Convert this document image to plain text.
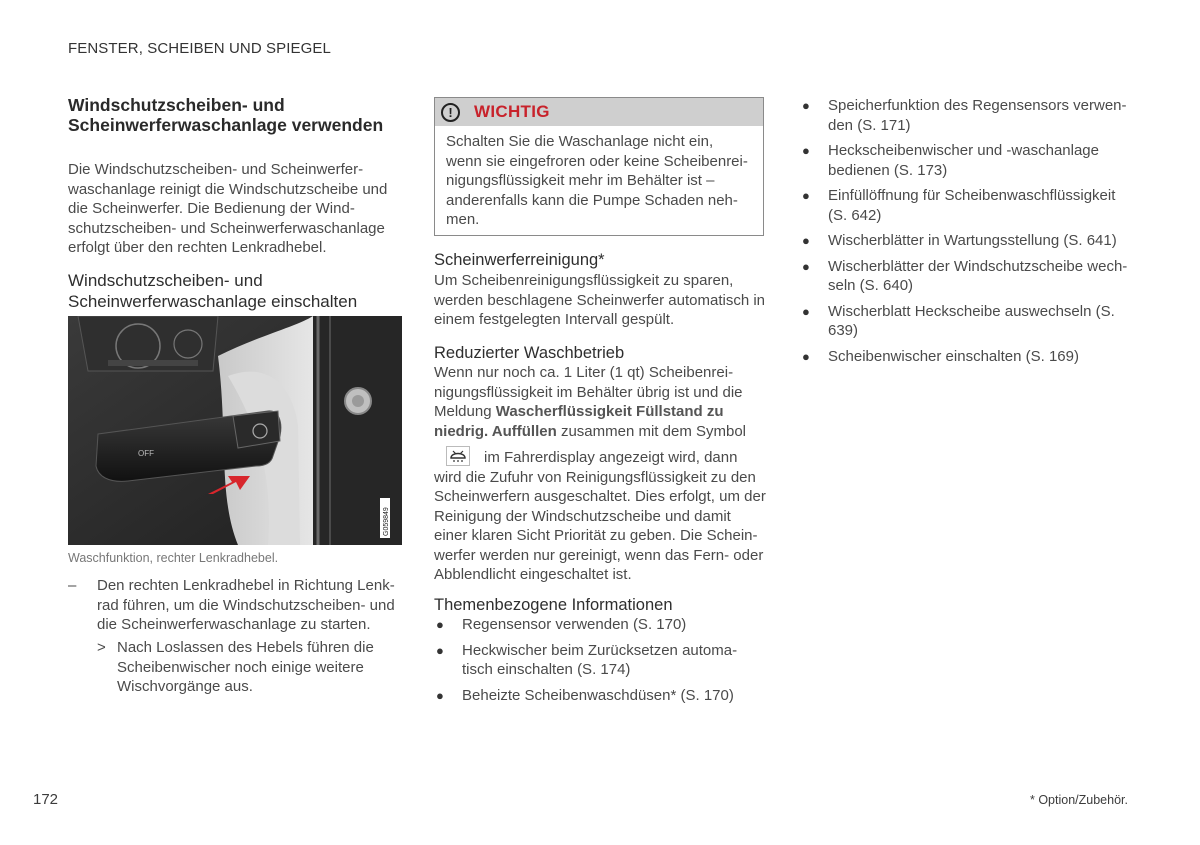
FENSTER, SCHEIBEN UND SPIEGEL
Windschutzscheiben- und Scheinwerferwaschanlage verwenden
Die Windschutzscheiben- und Scheinwerferwaschanlage reinigt die Windschutzscheibe und die Scheinwerfer. Die Bedienung der Windschutzscheiben- und Scheinwerferwaschanlage erfolgt über den rechten Lenkradhebel.
Windschutzscheiben- und Scheinwerferwaschanlage einschalten
OFF
G059849
Waschfunktion, rechter Lenkradhebel.
– Den rechten Lenkradhebel in Richtung Lenkrad führen, um die Windschutzscheiben- und die Scheinwerferwaschanlage zu starten.
> Nach Loslassen des Hebels führen die Scheibenwischer noch einige weitere Wischvorgänge aus.
!	WICHTIG
Schalten Sie die Waschanlage nicht ein, wenn sie eingefroren oder keine Scheibenreinigungsflüssigkeit mehr im Behälter ist – anderenfalls kann die Pumpe Schaden nehmen.
Scheinwerferreinigung*
Um Scheibenreinigungsflüssigkeit zu sparen, werden beschlagene Scheinwerfer automatisch in einem festgelegten Intervall gespült.
Reduzierter Waschbetrieb
Wenn nur noch ca. 1 Liter (1 qt) Scheibenreinigungsflüssigkeit im Behälter übrig ist und die Meldung Wascherflüssigkeit Füllstand zu niedrig. Auffüllen zusammen mit dem Symbol
im Fahrerdisplay angezeigt wird, dann wird die Zufuhr von Reinigungsflüssigkeit zu den Scheinwerfern ausgeschaltet. Dies erfolgt, um der Reinigung der Windschutzscheibe und damit einer klaren Sicht Priorität zu geben. Die Scheinwerfer werden nur gereinigt, wenn das Fern- oder Abblendlicht eingeschaltet ist.
Themenbezogene Informationen
● Regensensor verwenden (S. 170)
● Heckwischer beim Zurücksetzen automatisch einschalten (S. 174)
● Beheizte Scheibenwaschdüsen* (S. 170)
● Speicherfunktion des Regensensors verwenden (S. 171)
● Heckscheibenwischer und -waschanlage bedienen (S. 173)
● Einfüllöffnung für Scheibenwaschflüssigkeit (S. 642)
● Wischerblätter in Wartungsstellung (S. 641)
● Wischerblätter der Windschutzscheibe wechseln (S. 640)
● Wischerblatt Heckscheibe auswechseln (S. 639)
● Scheibenwischer einschalten (S. 169)
172	* Option/Zubehör.
